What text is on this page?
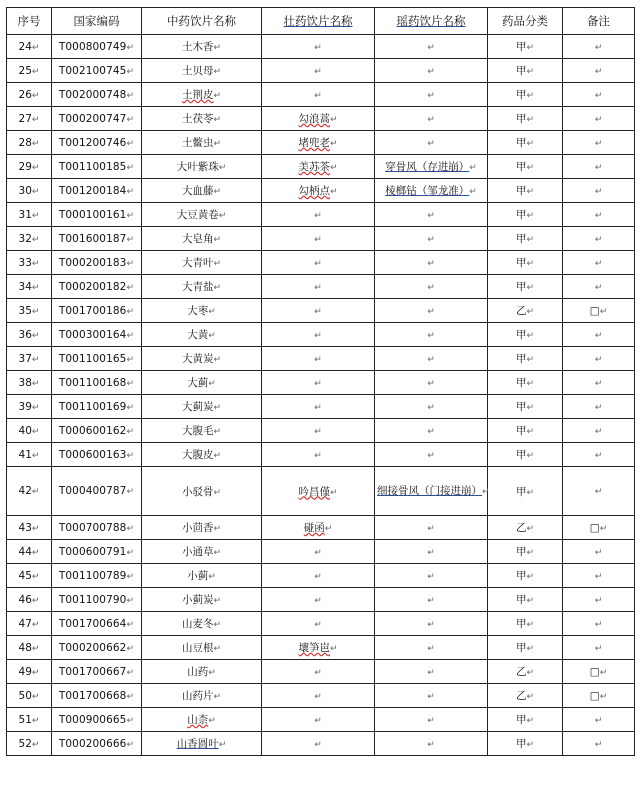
序号	国家编码	中药饮片名称	壮药饮片名称	瑶药饮片名称	药品分类	备注
24↵	T000800749↵	土木香↵	↵	↵	甲↵	↵
25↵	T002100745↵	土贝母↵	↵	↵	甲↵	↵
26↵	T002000748↵	土荆皮↵	↵	↵	甲↵	↵
27↵	T000200747↵	土茯苓↵	勾浪蒿↵	↵	甲↵	↵
28↵	T001200746↵	土鳖虫↵	堵兜老↵	↵	甲↵	↵
29↵	T001100185↵	大叶紫珠↵	美苏茶↵	穿骨风（存进崩）↵	甲↵	↵
30↵	T001200184↵	大血藤↵	勾柄点↵	棱榔钻（邹龙准）↵	甲↵	↵
31↵	T000100161↵	大豆黄卷↵	↵	↵	甲↵	↵
32↵	T001600187↵	大皂角↵	↵	↵	甲↵	↵
33↵	T000200183↵	大青叶↵	↵	↵	甲↵	↵
34↵	T000200182↵	大青盐↵	↵	↵	甲↵	↵
35↵	T001700186↵	大枣↵	↵	↵	乙↵	□↵
36↵	T000300164↵	大黄↵	↵	↵	甲↵	↵
37↵	T001100165↵	大黄炭↵	↵	↵	甲↵	↵
38↵	T001100168↵	大蓟↵	↵	↵	甲↵	↵
39↵	T001100169↵	大蓟炭↵	↵	↵	甲↵	↵
40↵	T000600162↵	大腹毛↵	↵	↵	甲↵	↵
41↵	T000600163↵	大腹皮↵	↵	↵	甲↵	↵
42↵	T000400787↵	小驳骨↵	吟昌僅↵	细接骨风（门接进崩）↵	甲↵	↵
43↵	T000700788↵	小茴香↵	碰函↵	↵	乙↵	□↵
44↵	T000600791↵	小通草↵	↵	↵	甲↵	↵
45↵	T001100789↵	小蓟↵	↵	↵	甲↵	↵
46↵	T001100790↵	小蓟炭↵	↵	↵	甲↵	↵
47↵	T001700664↵	山麦冬↵	↵	↵	甲↵	↵
48↵	T000200662↵	山豆根↵	壤笋岜↵	↵	甲↵	↵
49↵	T001700667↵	山药↵	↵	↵	乙↵	□↵
50↵	T001700668↵	山药片↵	↵	↵	乙↵	□↵
51↵	T000900665↵	山柰↵	↵	↵	甲↵	↵
52↵	T000200666↵	山香圆叶↵	↵	↵	甲↵	↵
